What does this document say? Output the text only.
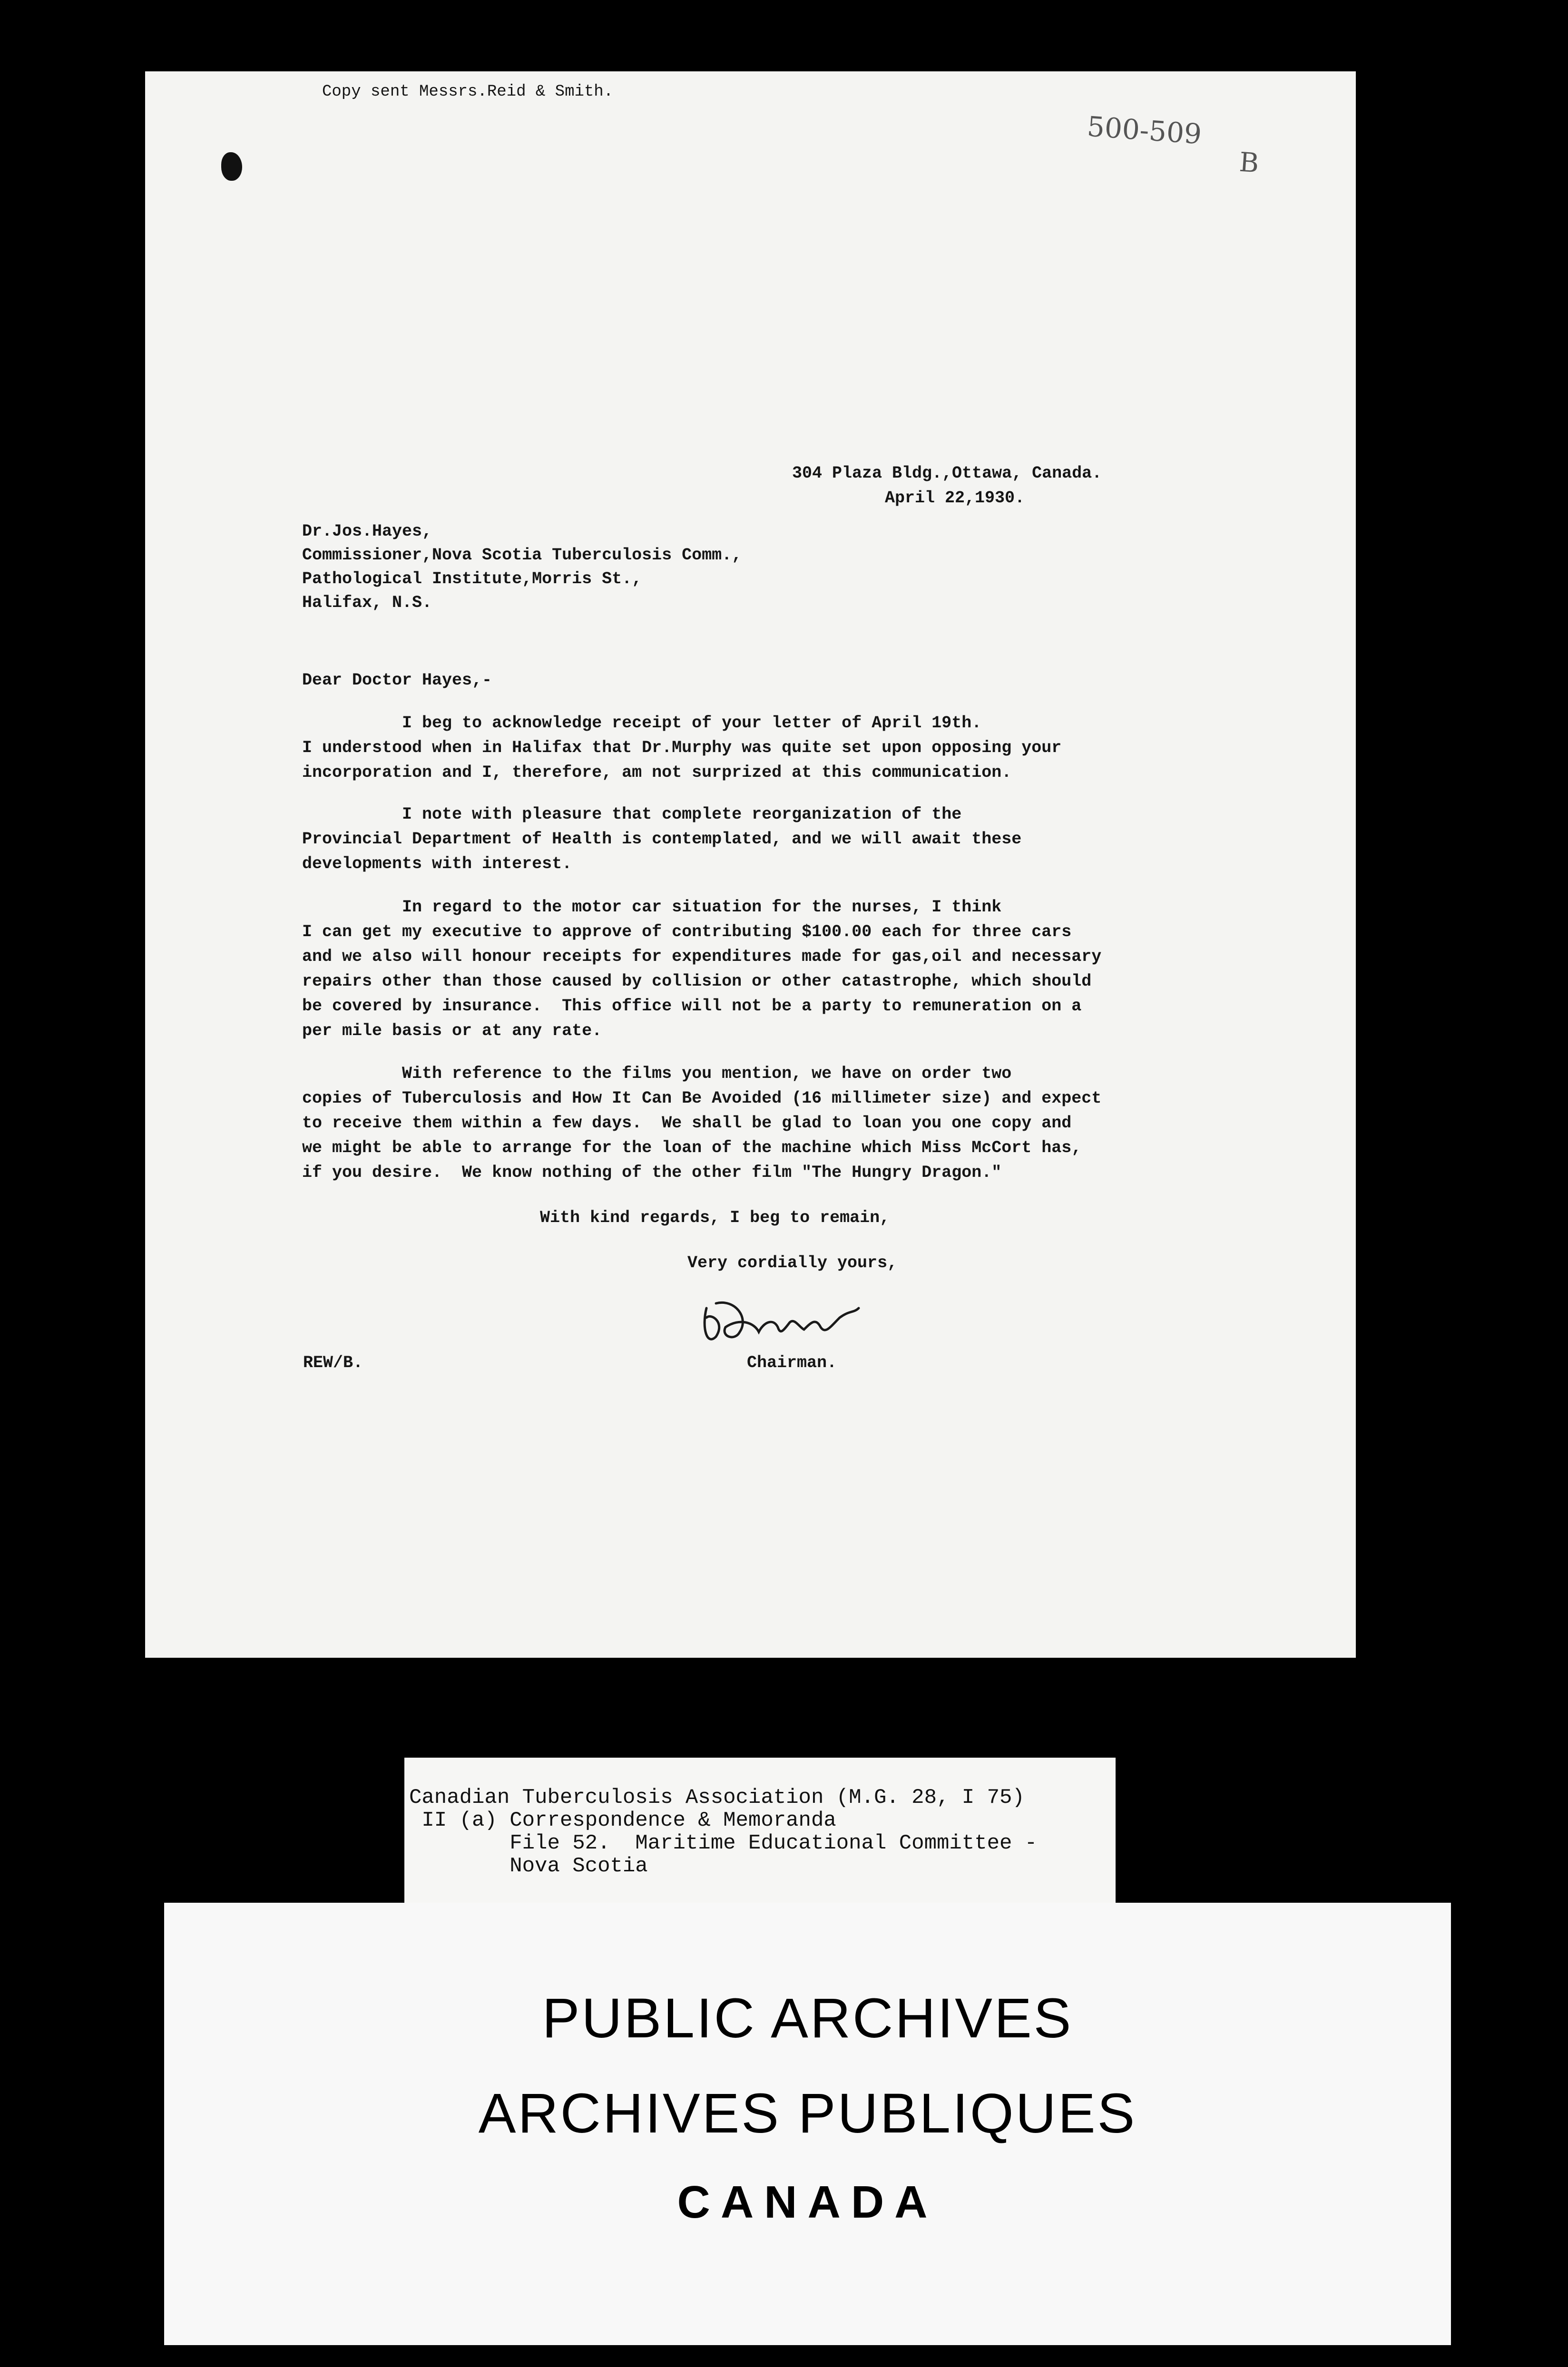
Copy sent Messrs.Reid & Smith.
500-509
B
304 Plaza Bldg.,Ottawa, Canada.
April 22,1930.
Dr.Jos.Hayes,
Commissioner,Nova Scotia Tuberculosis Comm.,
Pathological Institute,Morris St.,
Halifax, N.S.
Dear Doctor Hayes,-
I beg to acknowledge receipt of your letter of April 19th.
I understood when in Halifax that Dr.Murphy was quite set upon opposing your
incorporation and I, therefore, am not surprized at this communication.
I note with pleasure that complete reorganization of the
Provincial Department of Health is contemplated, and we will await these
developments with interest.
In regard to the motor car situation for the nurses, I think
I can get my executive to approve of contributing $100.00 each for three cars
and we also will honour receipts for expenditures made for gas,oil and necessary
repairs other than those caused by collision or other catastrophe, which should
be covered by insurance.  This office will not be a party to remuneration on a
per mile basis or at any rate.
With reference to the films you mention, we have on order two
copies of Tuberculosis and How It Can Be Avoided (16 millimeter size) and expect
to receive them within a few days.  We shall be glad to loan you one copy and
we might be able to arrange for the loan of the machine which Miss McCort has,
if you desire.  We know nothing of the other film "The Hungry Dragon."
With kind regards, I beg to remain,
Very cordially yours,
Chairman.
REW/B.
Canadian Tuberculosis Association (M.G. 28, I 75)
II (a) Correspondence & Memoranda
File 52.  Maritime Educational Committee -
Nova Scotia
PUBLIC ARCHIVES
ARCHIVES PUBLIQUES
CANADA
